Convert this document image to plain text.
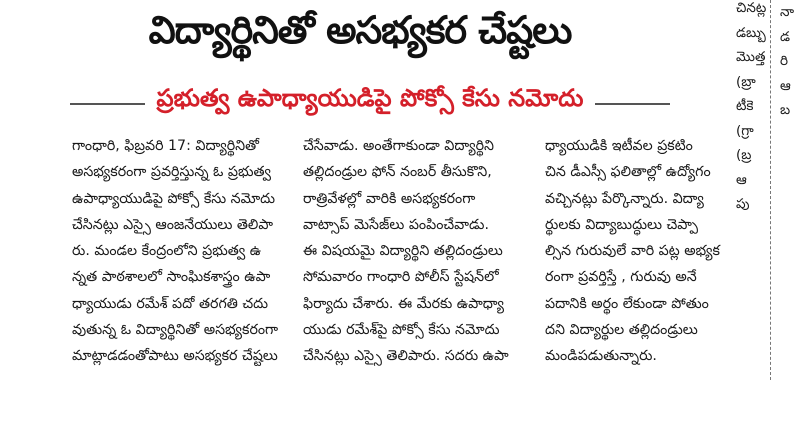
విద్యార్థినితో అసభ్యకర చేష్టలు
ప్రభుత్వ ఉపాధ్యాయుడిపై పోక్సో కేసు నమోదు

గాంధారి, ఫిబ్రవరి 17: విద్యార్థినితో

అసభ్యకరంగా ప్రవర్తిస్తున్న ఓ ప్రభుత్వ

ఉపాధ్యాయుడిపై పోక్సో కేసు నమోదు

చేసినట్లు ఎస్సై ఆంజనేయులు తెలిపా

రు. మండల కేంద్రంలోని ప్రభుత్వ ఉ

న్నత పాఠశాలలో సాంఘికశాస్త్రం ఉపా

ధ్యాయుడు రమేశ్ పదో తరగతి చదు

వుతున్న ఓ విద్యార్థినితో అసభ్యకరంగా

మాట్లాడడంతోపాటు అసభ్యకర చేష్టలు

చేసేవాడు. అంతేగాకుండా విద్యార్థిని

తల్లిదండ్రుల ఫోన్ నంబర్ తీసుకొని,

రాత్రివేళల్లో వారికి అసభ్యకరంగా

వాట్సాప్ మెసేజ్‌లు పంపించేవాడు.

ఈ విషయమై విద్యార్థిని తల్లిదండ్రులు

సోమవారం గాంధారి పోలీస్ స్టేషన్‌లో

ఫిర్యాదు చేశారు. ఈ మేరకు ఉపాధ్యా

యుడు రమేశ్‌పై పోక్సో కేసు నమోదు

చేసినట్లు ఎస్సై తెలిపారు. సదరు ఉపా

ధ్యాయుడికి ఇటీవల ప్రకటిం

చిన డీఎస్సీ ఫలితాల్లో ఉద్యోగం

వచ్చినట్లు పేర్కొన్నారు. విద్యా

ర్థులకు విద్యాబుద్ధులు చెప్పా

ల్సిన గురువులే వారి పట్ల అభ్యక

రంగా ప్రవర్తిస్తే , గురువు అనే

పదానికి అర్థం లేకుండా పోతుం

దని విద్యార్థుల తల్లిదండ్రులు

మండిపడుతున్నారు.

చినట్ల
డబ్బు
మొత్త
(బ్రా
టీకె
(గ్రా
(బ్ర
ఆ
పు
నా
డ
రి
ఆ
బ
